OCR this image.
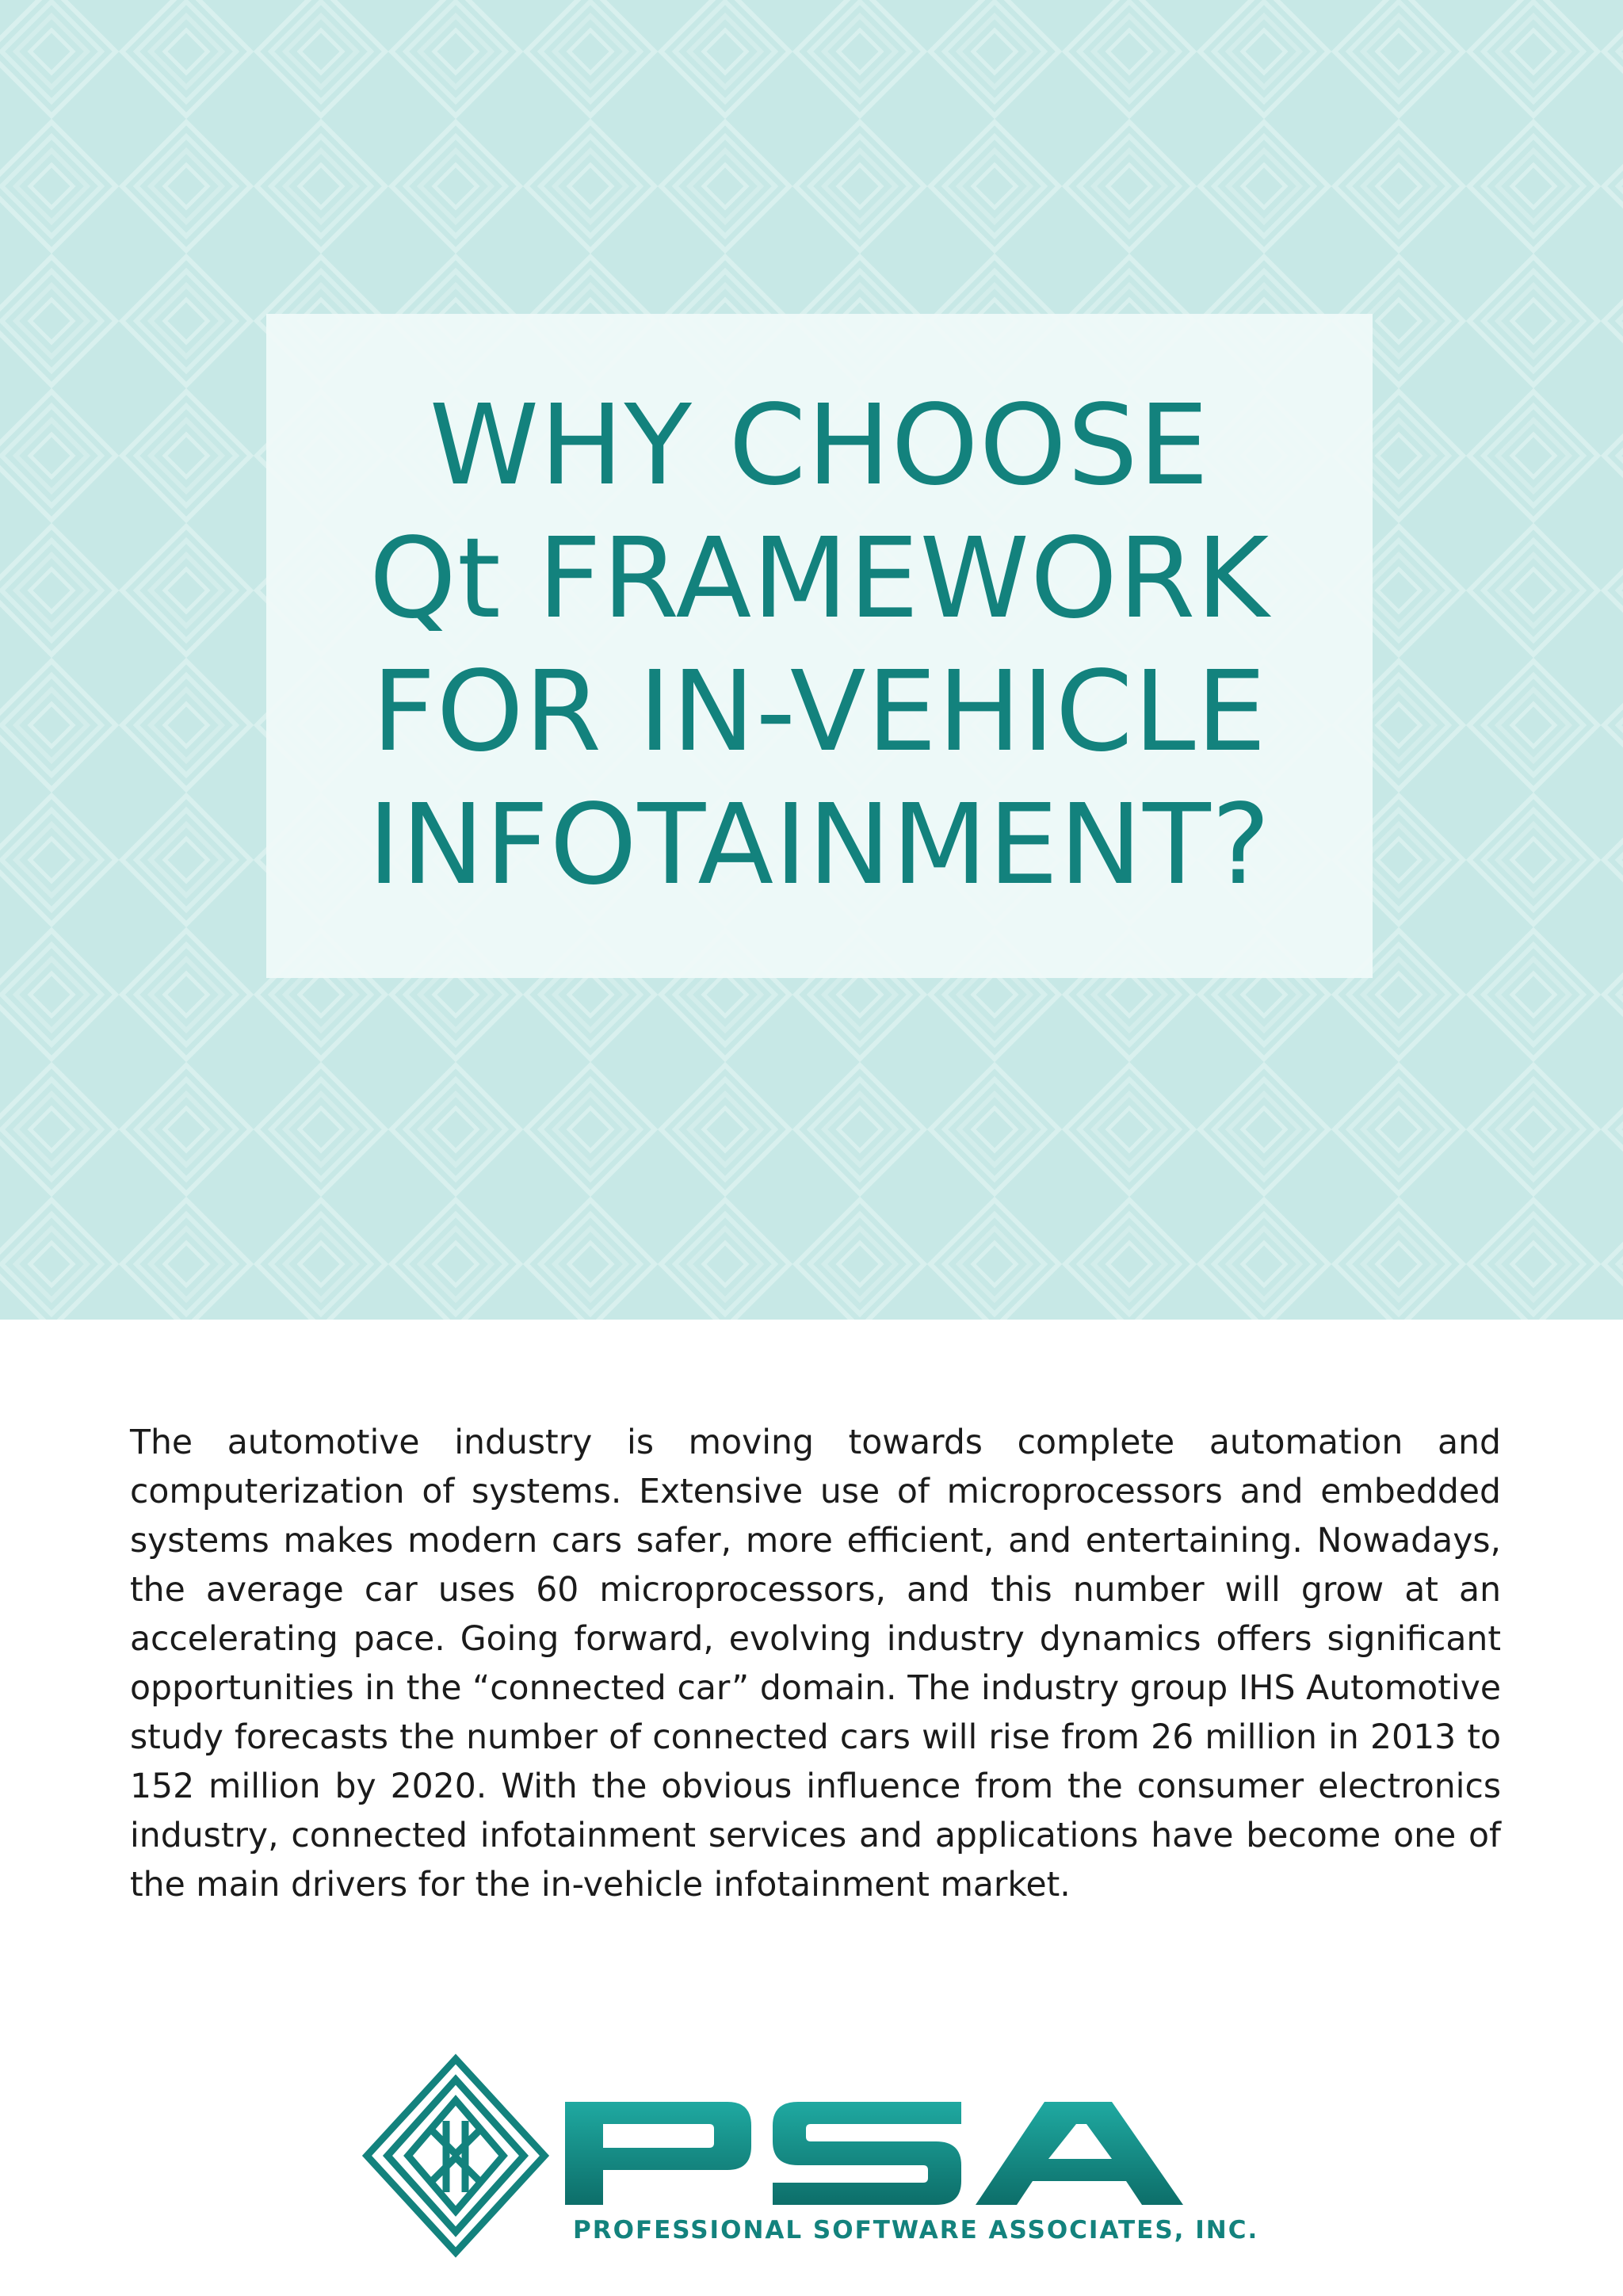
WHY CHOOSE
Qt FRAMEWORK
FOR IN-VEHICLE
INFOTAINMENT?

The automotive industry is moving towards complete automation and computerization of systems. Extensive use of microprocessors and embedded systems makes modern cars safer, more efficient, and entertaining. Nowadays, the average car uses 60 microprocessors, and this number will grow at an accelerating pace. Going forward, evolving industry dynamics offers significant opportunities in the “connected car” domain. The industry group IHS Automotive study forecasts the number of connected cars will rise from 26 million in 2013 to 152 million by 2020. With the obvious influence from the consumer electronics industry, connected infotainment services and applications have become one of the main drivers for the in-vehicle infotainment market.

PROFESSIONAL SOFTWARE ASSOCIATES, INC.
